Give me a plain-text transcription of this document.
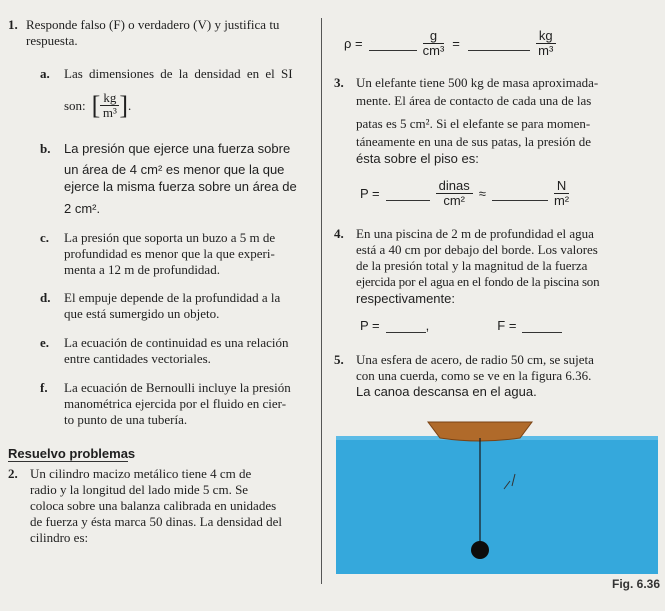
1. Responde falso (F) o verdadero (V) y justifica tu
respuesta.
a. Las dimensiones de la densidad en el SI
son: [ $\frac{kg}{\text{m³}}$ ] .
b. La presión que ejerce una fuerza sobre
un área de 4 cm² es menor que la que
ejerce la misma fuerza sobre un área de
2 cm².
c. La presión que soporta un buzo a 5 m de
profundidad es menor que la que experi-
menta a 12 m de profundidad.
d. El empuje depende de la profundidad a la
que está sumergido un objeto.
e. La ecuación de continuidad es una relación
entre cantidades vectoriales.
f. La ecuación de Bernoulli incluye la presión
manométrica ejercida por el fluido en cier-
to punto de una tubería.
Resuelvo problemas
2. Un cilindro macizo metálico tiene 4 cm de
radio y la longitud del lado mide 5 cm. Se
coloca sobre una balanza calibrada en unidades
de fuerza y ésta marca 50 dinas. La densidad del
cilindro es:
ρ =	$\frac{g}{\text{cm³}}$ =	$\frac{kg}{\text{m³}}$
3. Un elefante tiene 500 kg de masa aproximada-
mente. El área de contacto de cada una de las
patas es 5 cm². Si el elefante se para momen-
táneamente en una de sus patas, la presión de
ésta sobre el piso es:
P =	$\frac{\text{dinas}}{\text{cm²}}$ ≈	$\frac{N}{\text{m²}}$
4. En una piscina de 2 m de profundidad el agua
está a 40 cm por debajo del borde. Los valores
de la presión total y la magnitud de la fuerza
ejercida por el agua en el fondo de la piscina son
respectivamente:
P =	,	F =
5. Una esfera de acero, de radio 50 cm, se sujeta
con una cuerda, como se ve en la figura 6.36.
La canoa descansa en el agua.
Fig. 6.36
